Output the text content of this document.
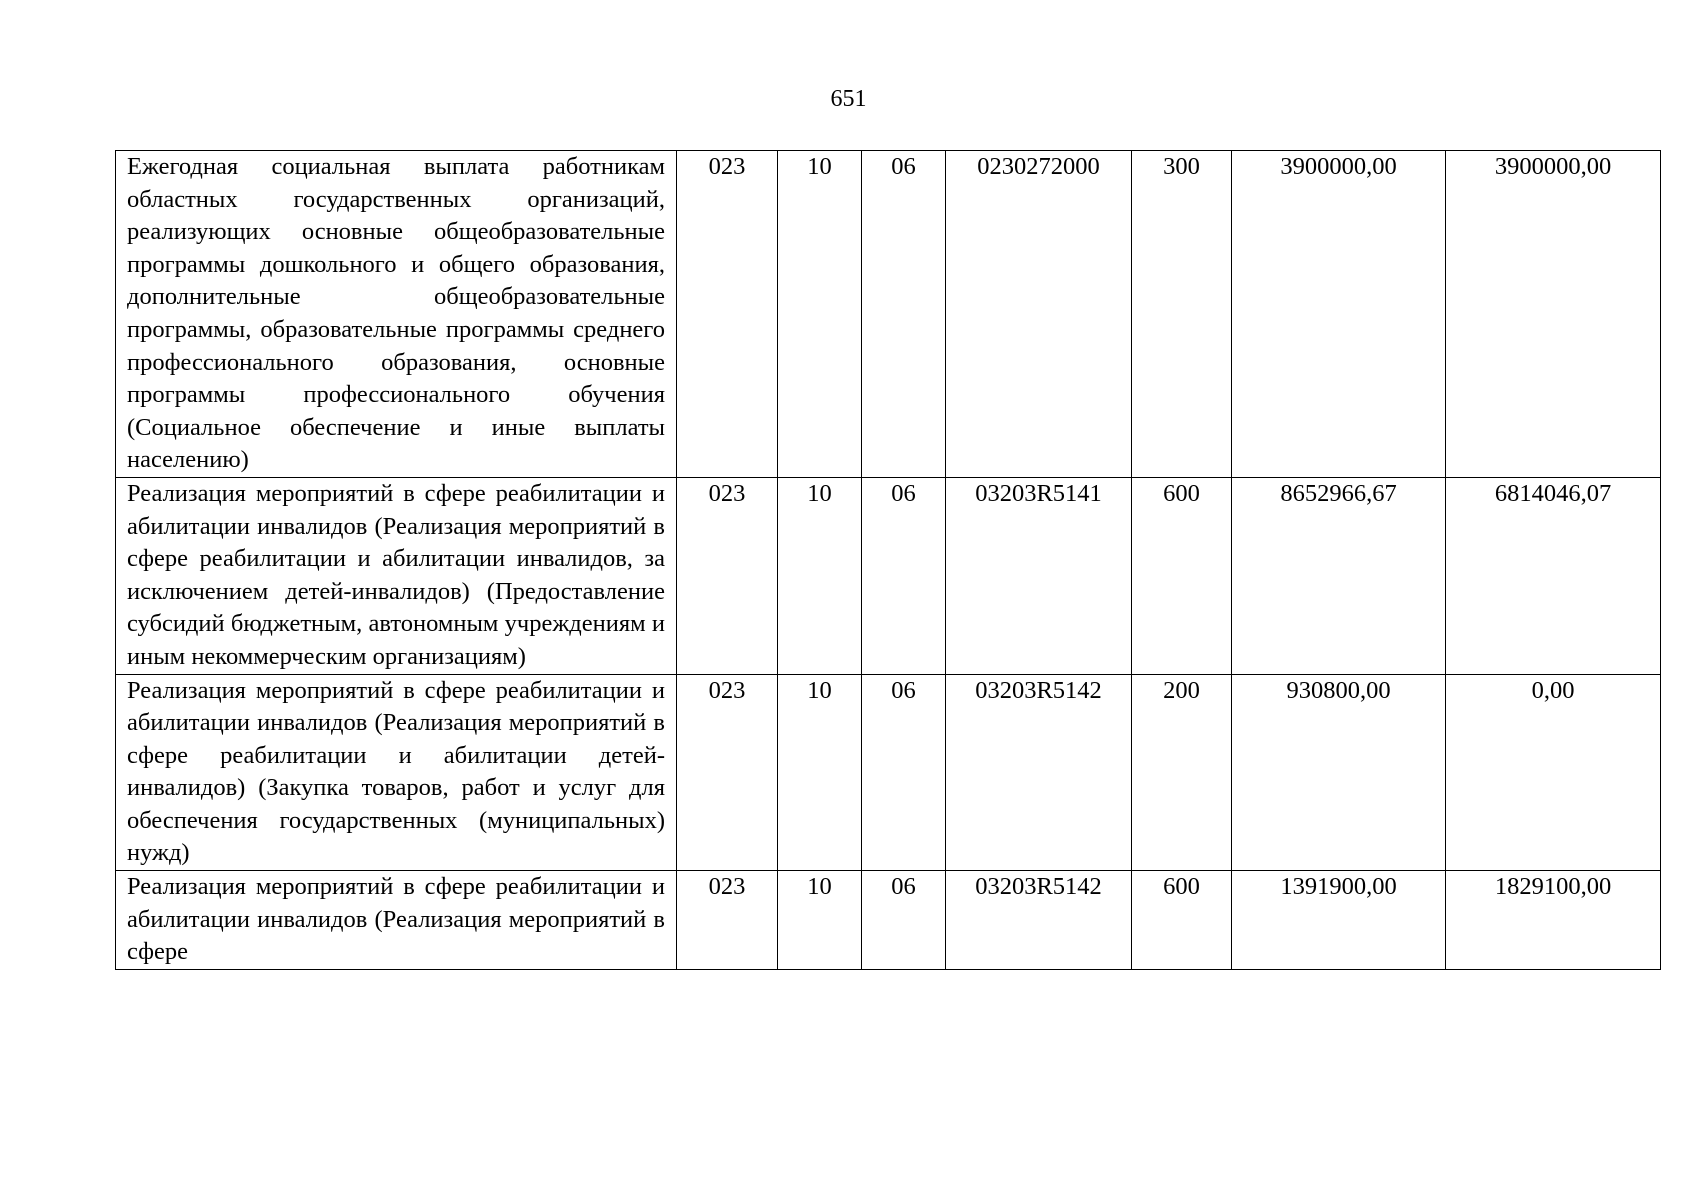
651
Ежегодная социальная выплата работникам областных государственных организаций, реализующих основные общеобразовательные программы дошкольного и общего образования, дополнительные общеобразовательные программы, образовательные программы среднего профессионального образования, основные программы профессионального обучения (Социальное обеспечение и иные выплаты населению)	023	10	06	0230272000	300	3900000,00	3900000,00

Реализация мероприятий в сфере реабилитации и абилитации инвалидов (Реализация мероприятий в сфере реабилитации и абилитации инвалидов, за исключением детей-инвалидов) (Предоставление субсидий бюджетным, автономным учреждениям и иным некоммерческим организациям)	023	10	06	03203R5141	600	8652966,67	6814046,07

Реализация мероприятий в сфере реабилитации и абилитации инвалидов (Реализация мероприятий в сфере реабилитации и абилитации детей-инвалидов) (Закупка товаров, работ и услуг для обеспечения государственных (муниципальных) нужд)	023	10	06	03203R5142	200	930800,00	0,00

Реализация мероприятий в сфере реабилитации и абилитации инвалидов (Реализация мероприятий в сфере	023	10	06	03203R5142	600	1391900,00	1829100,00
